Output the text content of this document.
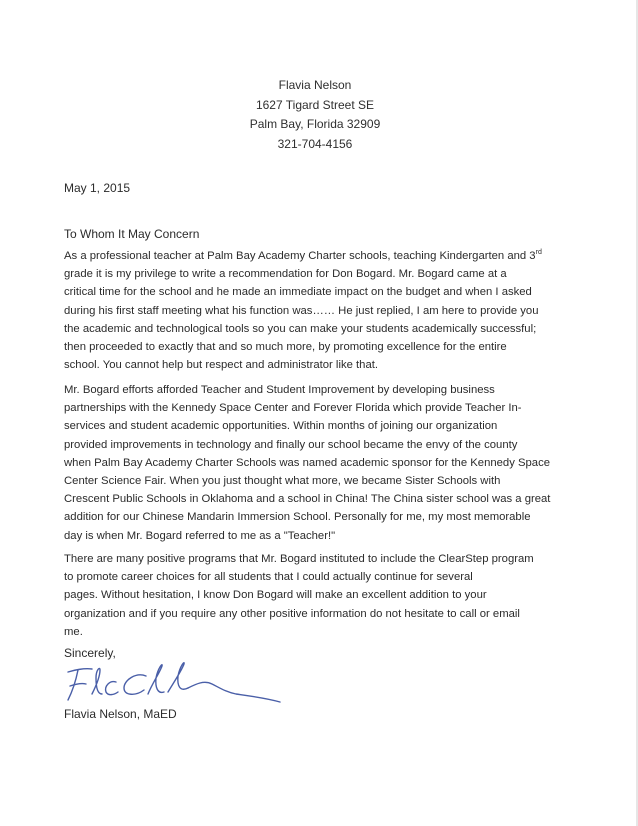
Flavia Nelson
1627 Tigard Street SE
Palm Bay, Florida 32909
321-704-4156
May 1, 2015
To Whom It May Concern
As a professional teacher at Palm Bay Academy Charter schools, teaching Kindergarten and 3rd
grade it is my privilege to write a recommendation for Don Bogard. Mr. Bogard came at a
critical time for the school and he made an immediate impact on the budget and when I asked
during his first staff meeting what his function was…… He just replied, I am here to provide you
the academic and technological tools so you can make your students academically successful;
then proceeded to exactly that and so much more, by promoting excellence for the entire
school. You cannot help but respect and administrator like that.
Mr. Bogard efforts afforded Teacher and Student Improvement by developing business
partnerships with the Kennedy Space Center and Forever Florida which provide Teacher In-
services and student academic opportunities. Within months of joining our organization
provided improvements in technology and finally our school became the envy of the county
when Palm Bay Academy Charter Schools was named academic sponsor for the Kennedy Space
Center Science Fair. When you just thought what more, we became Sister Schools with
Crescent Public Schools in Oklahoma and a school in China! The China sister school was a great
addition for our Chinese Mandarin Immersion School. Personally for me, my most memorable
day is when Mr. Bogard referred to me as a "Teacher!"
There are many positive programs that Mr. Bogard instituted to include the ClearStep program
to promote career choices for all students that I could actually continue for several
pages. Without hesitation, I know Don Bogard will make an excellent addition to your
organization and if you require any other positive information do not hesitate to call or email
me.
Sincerely,
Flavia Nelson, MaED
